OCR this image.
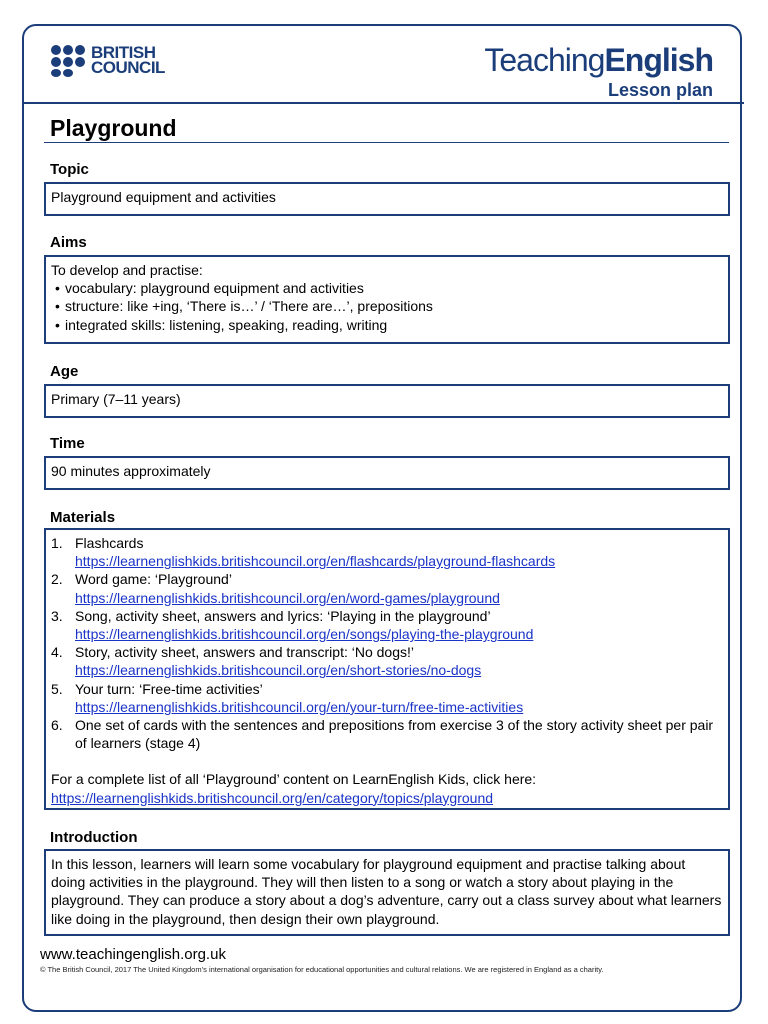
BRITISH
COUNCIL	TeachingEnglish
Lesson plan
Playground
Topic
Playground equipment and activities
Aims
To develop and practise:
• vocabulary: playground equipment and activities
• structure: like +ing, ‘There is…’ / ‘There are…’, prepositions
• integrated skills: listening, speaking, reading, writing
Age
Primary (7–11 years)
Time
90 minutes approximately
Materials
1. Flashcards
https://learnenglishkids.britishcouncil.org/en/flashcards/playground-flashcards
2. Word game: ‘Playground’
https://learnenglishkids.britishcouncil.org/en/word-games/playground
3. Song, activity sheet, answers and lyrics: ‘Playing in the playground’
https://learnenglishkids.britishcouncil.org/en/songs/playing-the-playground
4. Story, activity sheet, answers and transcript: ‘No dogs!’
https://learnenglishkids.britishcouncil.org/en/short-stories/no-dogs
5. Your turn: ‘Free-time activities’
https://learnenglishkids.britishcouncil.org/en/your-turn/free-time-activities
6. One set of cards with the sentences and prepositions from exercise 3 of the story activity sheet per pair of learners (stage 4)
For a complete list of all ‘Playground’ content on LearnEnglish Kids, click here:
https://learnenglishkids.britishcouncil.org/en/category/topics/playground
Introduction
In this lesson, learners will learn some vocabulary for playground equipment and practise talking about doing activities in the playground. They will then listen to a song or watch a story about playing in the playground. They can produce a story about a dog’s adventure, carry out a class survey about what learners like doing in the playground, then design their own playground.
www.teachingenglish.org.uk
© The British Council, 2017 The United Kingdom’s international organisation for educational opportunities and cultural relations. We are registered in England as a charity.
